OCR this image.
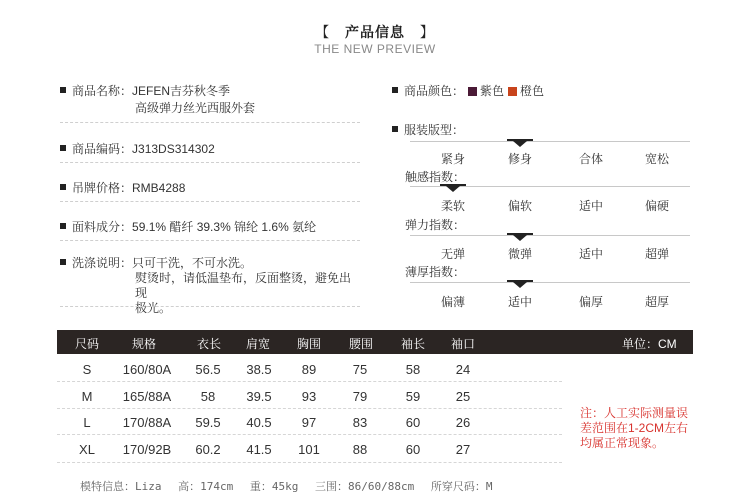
【 产品信息 】
THE NEW PREVIEW
商品名称：JEFEN吉芬秋冬季
高级弹力丝光西服外套
商品编码：J313DS314302
吊牌价格：RMB4288
面料成分：59.1% 醋纤 39.3% 锦纶 1.6% 氨纶
洗涤说明：只可干洗，不可水洗。
熨烫时，请低温垫布，反面整烫，避免出现
极光。
商品颜色： 紫色 橙色
服装版型：
紧身	修身	合体	宽松
触感指数：
柔软	偏软	适中	偏硬
弹力指数：
无弹	微弹	适中	超弹
薄厚指数：
偏薄	适中	偏厚	超厚
尺码	规格	衣长 肩宽 胸围 腰围 袖长 袖口	单位：CM
S	160/80A	56.5	38.5	89	75	58	24
M	165/88A	58	39.5	93	79	59	25
L	170/88A	59.5	40.5	97	83	60	26
XL	170/92B	60.2	41.5	101	88	60	27
注：人工实际测量误
差范围在1-2CM左右
均属正常现象。
模特信息：Liza 高：174cm 重：45kg 三围：86/60/88cm 所穿尺码：M
